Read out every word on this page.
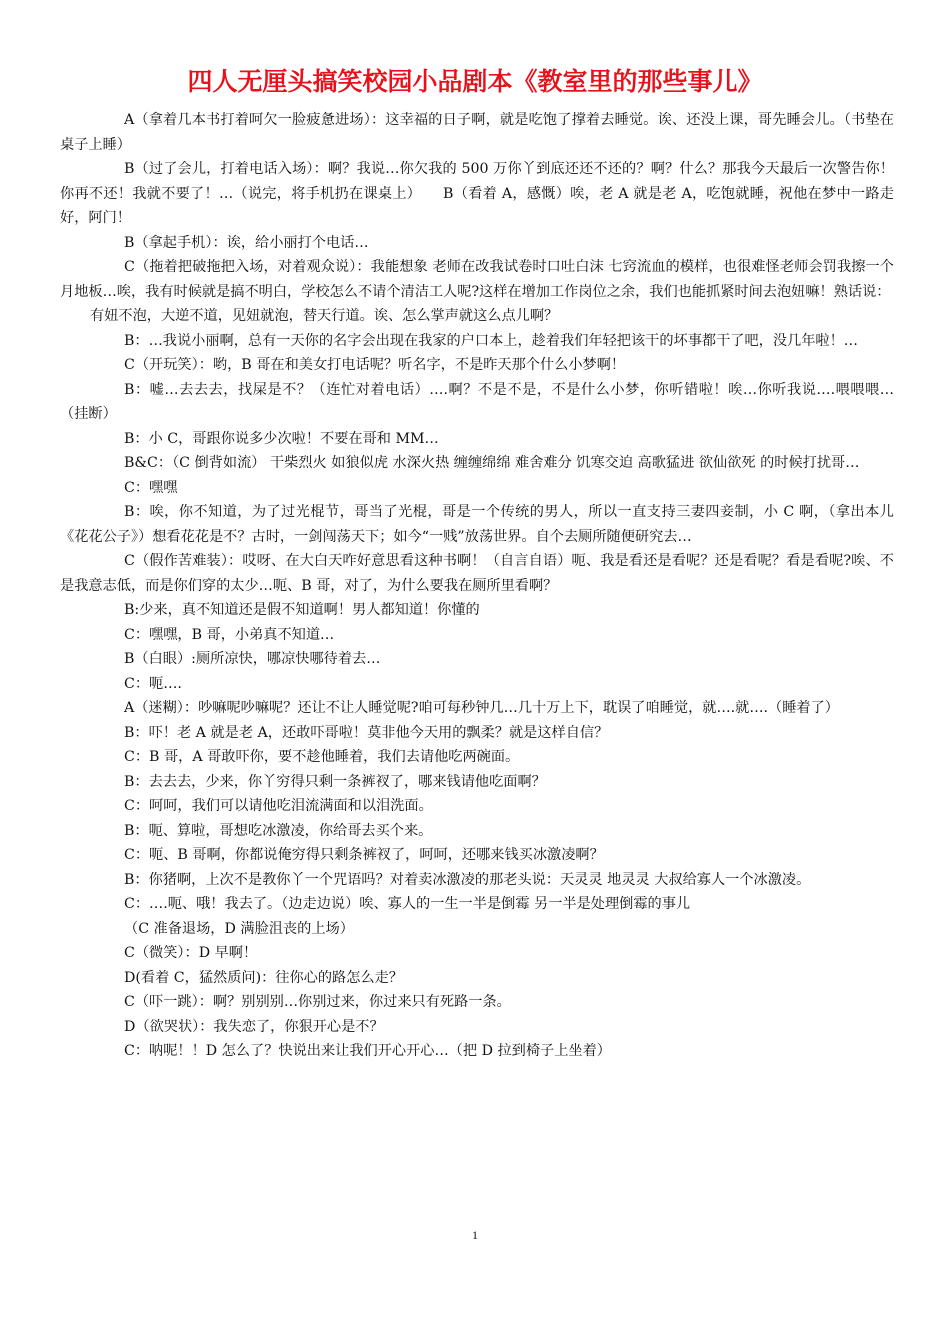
四人无厘头搞笑校园小品剧本《教室里的那些事儿》

A（拿着几本书打着呵欠一脸疲惫进场）：这幸福的日子啊，就是吃饱了撑着去睡觉。诶、还没上课，哥先睡会儿。（书垫在桌子上睡）

B（过了会儿，打着电话入场）：啊？我说…你欠我的 500 万你丫到底还还不还的？啊？什么？那我今天最后一次警告你！你再不还！我就不要了！…（说完，将手机扔在课桌上）　　B（看着 A，感慨）唉，老 A 就是老 A，吃饱就睡，祝他在梦中一路走好，阿门！

B（拿起手机）：诶，给小丽打个电话…

C（拖着把破拖把入场，对着观众说）：我能想象 老师在改我试卷时口吐白沫 七窍流血的模样，也很难怪老师会罚我擦一个月地板…唉，我有时候就是搞不明白，学校怎么不请个清洁工人呢?这样在增加工作岗位之余，我们也能抓紧时间去泡妞嘛！熟话说：

有妞不泡，大逆不道，见妞就泡，替天行道。诶、怎么掌声就这么点儿啊？

B：…我说小丽啊，总有一天你的名字会出现在我家的户口本上，趁着我们年轻把该干的坏事都干了吧，没几年啦！…

C（开玩笑）：哟，B 哥在和美女打电话呢？听名字，不是昨天那个什么小梦啊！

B：嘘…去去去，找屎是不？（连忙对着电话）….啊？不是不是，不是什么小梦，你听错啦！唉…你听我说….喂喂喂…（挂断）

B：小 C，哥跟你说多少次啦！不要在哥和 MM…

B&C：（C 倒背如流） 干柴烈火 如狼似虎 水深火热 缠缠绵绵 难舍难分 饥寒交迫 高歌猛进 欲仙欲死 的时候打扰哥…

C：嘿嘿

B：唉，你不知道，为了过光棍节，哥当了光棍，哥是一个传统的男人，所以一直支持三妻四妾制，小 C 啊，（拿出本儿《花花公子》）想看花花是不？古时，一剑闯荡天下；如今“一贱”放荡世界。自个去厕所随便研究去…

C（假作苦难装）：哎呀、在大白天咋好意思看这种书啊！（自言自语）呃、我是看还是看呢？还是看呢？看是看呢?唉、不是我意志低，而是你们穿的太少…呃、B 哥，对了，为什么要我在厕所里看啊？

B:少来，真不知道还是假不知道啊！男人都知道！你懂的

C：嘿嘿，B 哥，小弟真不知道…

B（白眼）:厕所凉快，哪凉快哪待着去…

C：呃….

A（迷糊）：吵嘛呢吵嘛呢？还让不让人睡觉呢?咱可每秒钟几…几十万上下，耽误了咱睡觉，就….就….（睡着了）

B：吓！老 A 就是老 A，还敢吓哥啦！莫非他今天用的飘柔？就是这样自信？

C：B 哥，A 哥敢吓你，要不趁他睡着，我们去请他吃两碗面。

B：去去去，少来，你丫穷得只剩一条裤衩了，哪来钱请他吃面啊？

C：呵呵，我们可以请他吃泪流满面和以泪洗面。

B：呃、算啦，哥想吃冰激凌，你给哥去买个来。

C：呃、B 哥啊，你都说俺穷得只剩条裤衩了，呵呵，还哪来钱买冰激凌啊？

B：你猪啊，上次不是教你丫一个咒语吗？对着卖冰激凌的那老头说：天灵灵 地灵灵 大叔给寡人一个冰激凌。

C：….呃、哦！我去了。（边走边说）唉、寡人的一生一半是倒霉 另一半是处理倒霉的事儿

（C 准备退场，D 满脸沮丧的上场）

C（微笑）：D 早啊！

D(看着 C，猛然质问)：往你心的路怎么走？

C（吓一跳）：啊？别别别…你别过来，你过来只有死路一条。

D（欲哭状）：我失恋了，你狠开心是不？

C：呐呢！！D 怎么了？快说出来让我们开心开心…（把 D 拉到椅子上坐着）

1
